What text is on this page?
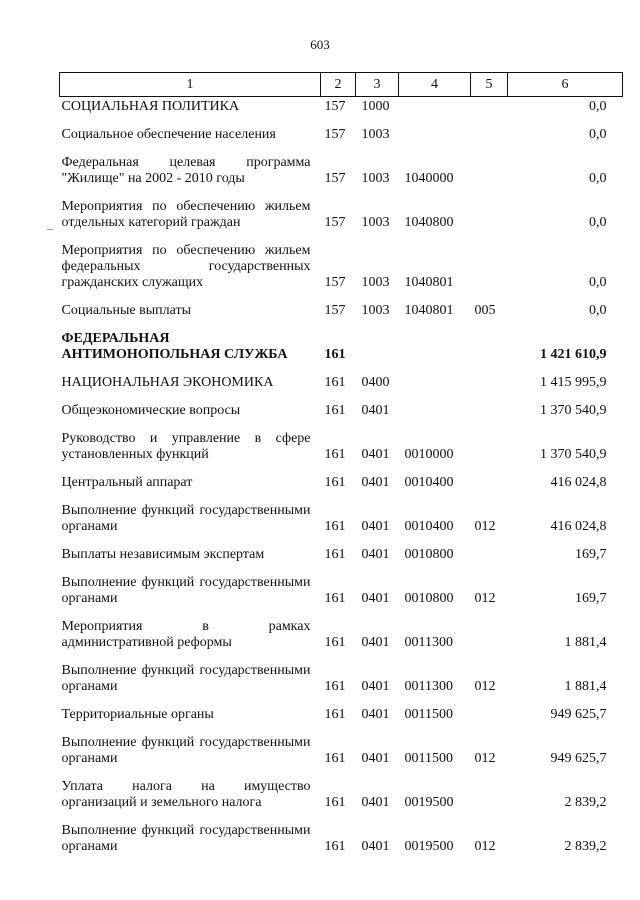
603
1	2	3	4	5	6
СОЦИАЛЬНАЯ ПОЛИТИКА	157	1000			0,0
Социальное обеспечение населения	157	1003			0,0
Федеральная целевая программа "Жилище" на 2002 - 2010 годы	157	1003	1040000		0,0
Мероприятия по обеспечению жильем отдельных категорий граждан	157	1003	1040800		0,0
Мероприятия по обеспечению жильем федеральных государственных гражданских служащих	157	1003	1040801		0,0
Социальные выплаты	157	1003	1040801	005	0,0
ФЕДЕРАЛЬНАЯ АНТИМОНОПОЛЬНАЯ СЛУЖБА	161				1 421 610,9
НАЦИОНАЛЬНАЯ ЭКОНОМИКА	161	0400			1 415 995,9
Общеэкономические вопросы	161	0401			1 370 540,9
Руководство и управление в сфере установленных функций	161	0401	0010000		1 370 540,9
Центральный аппарат	161	0401	0010400		416 024,8
Выполнение функций государственными органами	161	0401	0010400	012	416 024,8
Выплаты независимым экспертам	161	0401	0010800		169,7
Выполнение функций государственными органами	161	0401	0010800	012	169,7
Мероприятия в рамках административной реформы	161	0401	0011300		1 881,4
Выполнение функций государственными органами	161	0401	0011300	012	1 881,4
Территориальные органы	161	0401	0011500		949 625,7
Выполнение функций государственными органами	161	0401	0011500	012	949 625,7
Уплата налога на имущество организаций и земельного налога	161	0401	0019500		2 839,2
Выполнение функций государственными органами	161	0401	0019500	012	2 839,2
